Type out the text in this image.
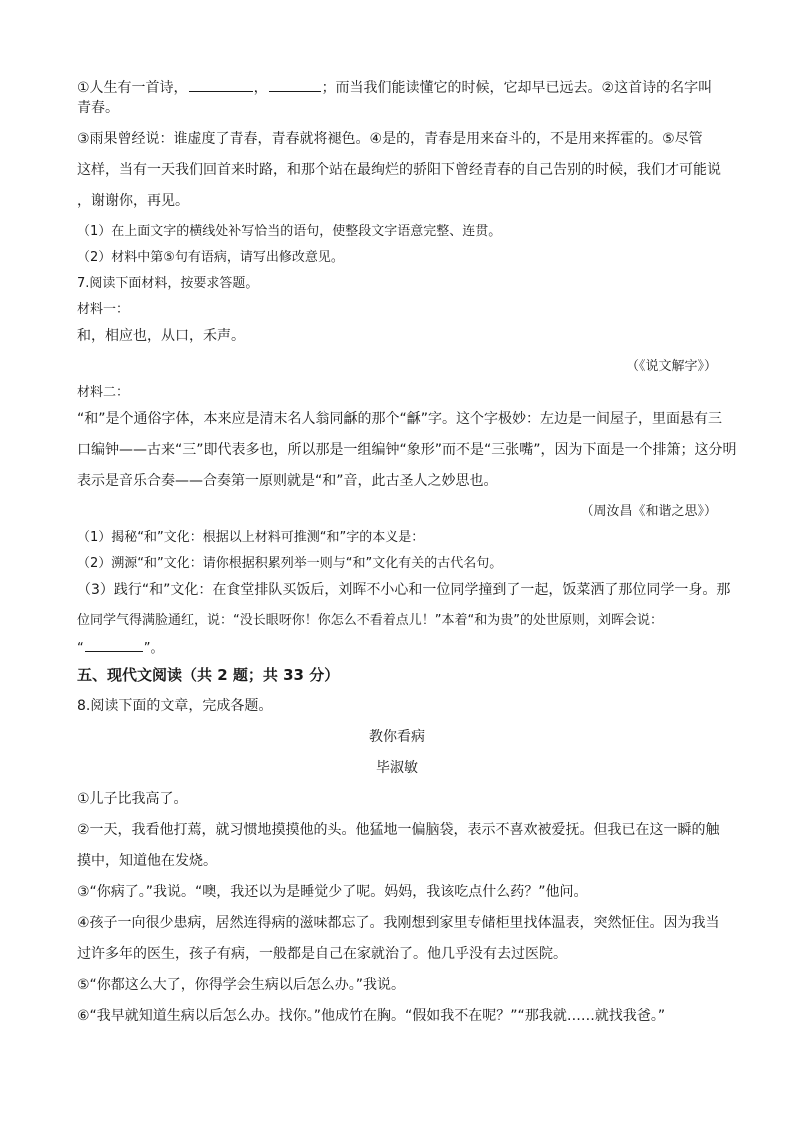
①人生有一首诗，	，	；而当我们能读懂它的时候，它却早已远去。②这首诗的名字叫

青春。

③雨果曾经说：谁虚度了青春，青春就将褪色。④是的，青春是用来奋斗的，不是用来挥霍的。⑤尽管

这样，当有一天我们回首来时路，和那个站在最绚烂的骄阳下曾经青春的自己告别的时候，我们才可能说

，谢谢你，再见。

（1）在上面文字的横线处补写恰当的语句，使整段文字语意完整、连贯。

（2）材料中第⑤句有语病，请写出修改意见。

7.阅读下面材料，按要求答题。

材料一：

和，相应也，从口，禾声。

（《说文解字》）

材料二：

“和”是个通俗字体，本来应是清末名人翁同龢的那个“龢”字。这个字极妙：左边是一间屋子，里面悬有三

口编钟——古来“三”即代表多也，所以那是一组编钟“象形”而不是“三张嘴”，因为下面是一个排箫；这分明

表示是音乐合奏——合奏第一原则就是“和”音，此古圣人之妙思也。

（周汝昌《和谐之思》）

（1）揭秘“和”文化：根据以上材料可推测“和”字的本义是：

（2）溯源“和”文化：请你根据积累列举一则与“和”文化有关的古代名句。

（3）践行“和”文化：在食堂排队买饭后，刘晖不小心和一位同学撞到了一起，饭菜洒了那位同学一身。那

位同学气得满脸通红，说：“没长眼呀你！你怎么不看着点儿！”本着“和为贵”的处世原则，刘晖会说：

“	”。

五、现代文阅读（共 2 题；共 33 分）

8.阅读下面的文章，完成各题。

教你看病

毕淑敏

①儿子比我高了。

②一天，我看他打蔫，就习惯地摸摸他的头。他猛地一偏脑袋，表示不喜欢被爱抚。但我已在这一瞬的触

摸中，知道他在发烧。

③“你病了。”我说。“噢，我还以为是睡觉少了呢。妈妈，我该吃点什么药？”他问。

④孩子一向很少患病，居然连得病的滋味都忘了。我刚想到家里专储柜里找体温表，突然怔住。因为我当

过许多年的医生，孩子有病，一般都是自己在家就治了。他几乎没有去过医院。

⑤“你都这么大了，你得学会生病以后怎么办。”我说。

⑥“我早就知道生病以后怎么办。找你。”他成竹在胸。“假如我不在呢？”“那我就……就找我爸。”
